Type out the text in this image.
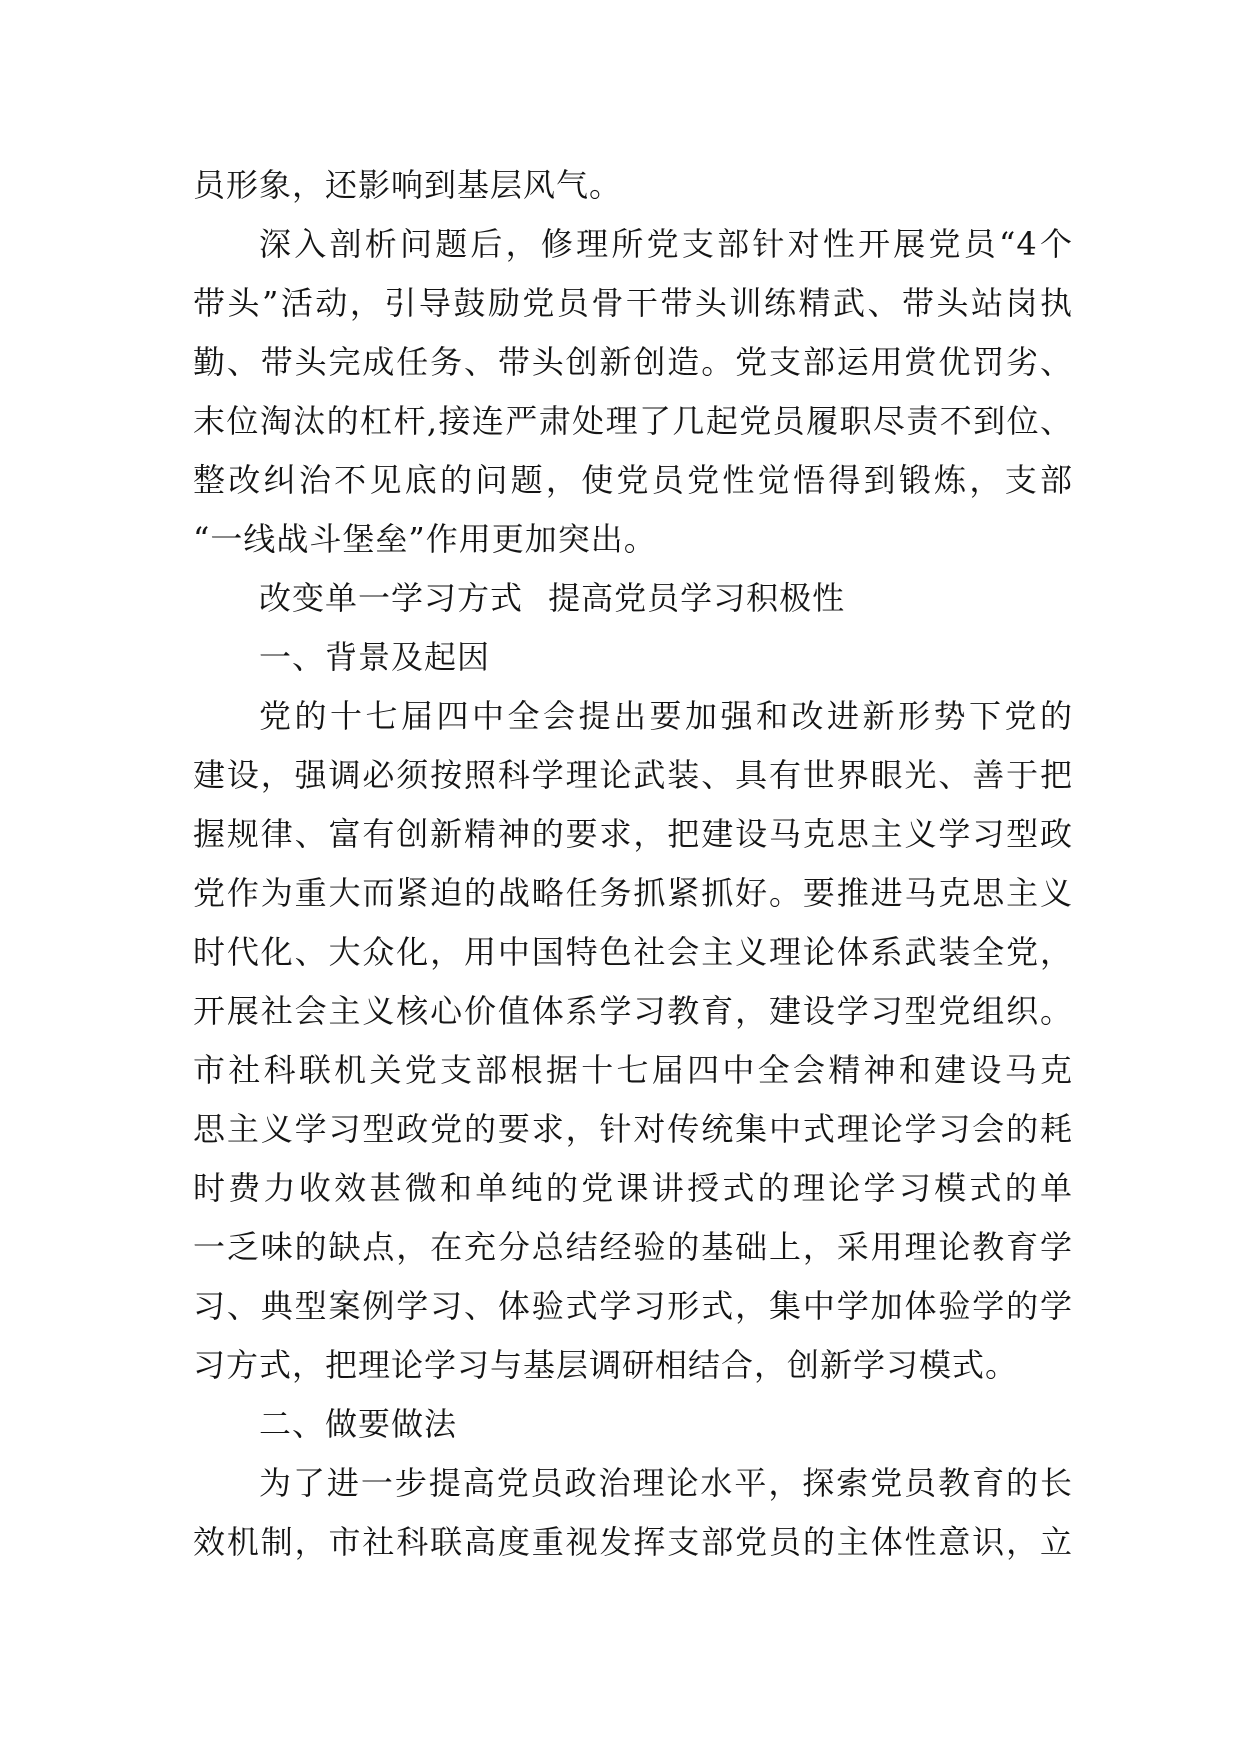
员形象，还影响到基层风气。
深入剖析问题后，修理所党支部针对性开展党员“4个
带头”活动，引导鼓励党员骨干带头训练精武、带头站岗执
勤、带头完成任务、带头创新创造。党支部运用赏优罚劣、
末位淘汰的杠杆,接连严肃处理了几起党员履职尽责不到位、
整改纠治不见底的问题，使党员党性觉悟得到锻炼，支部
“一线战斗堡垒”作用更加突出。
改变单一学习方式 提高党员学习积极性
一、背景及起因
党的十七届四中全会提出要加强和改进新形势下党的
建设，强调必须按照科学理论武装、具有世界眼光、善于把
握规律、富有创新精神的要求，把建设马克思主义学习型政
党作为重大而紧迫的战略任务抓紧抓好。要推进马克思主义
时代化、大众化，用中国特色社会主义理论体系武装全党，
开展社会主义核心价值体系学习教育，建设学习型党组织。
市社科联机关党支部根据十七届四中全会精神和建设马克
思主义学习型政党的要求，针对传统集中式理论学习会的耗
时费力收效甚微和单纯的党课讲授式的理论学习模式的单
一乏味的缺点，在充分总结经验的基础上，采用理论教育学
习、典型案例学习、体验式学习形式，集中学加体验学的学
习方式，把理论学习与基层调研相结合，创新学习模式。
二、做要做法
为了进一步提高党员政治理论水平，探索党员教育的长
效机制，市社科联高度重视发挥支部党员的主体性意识，立
